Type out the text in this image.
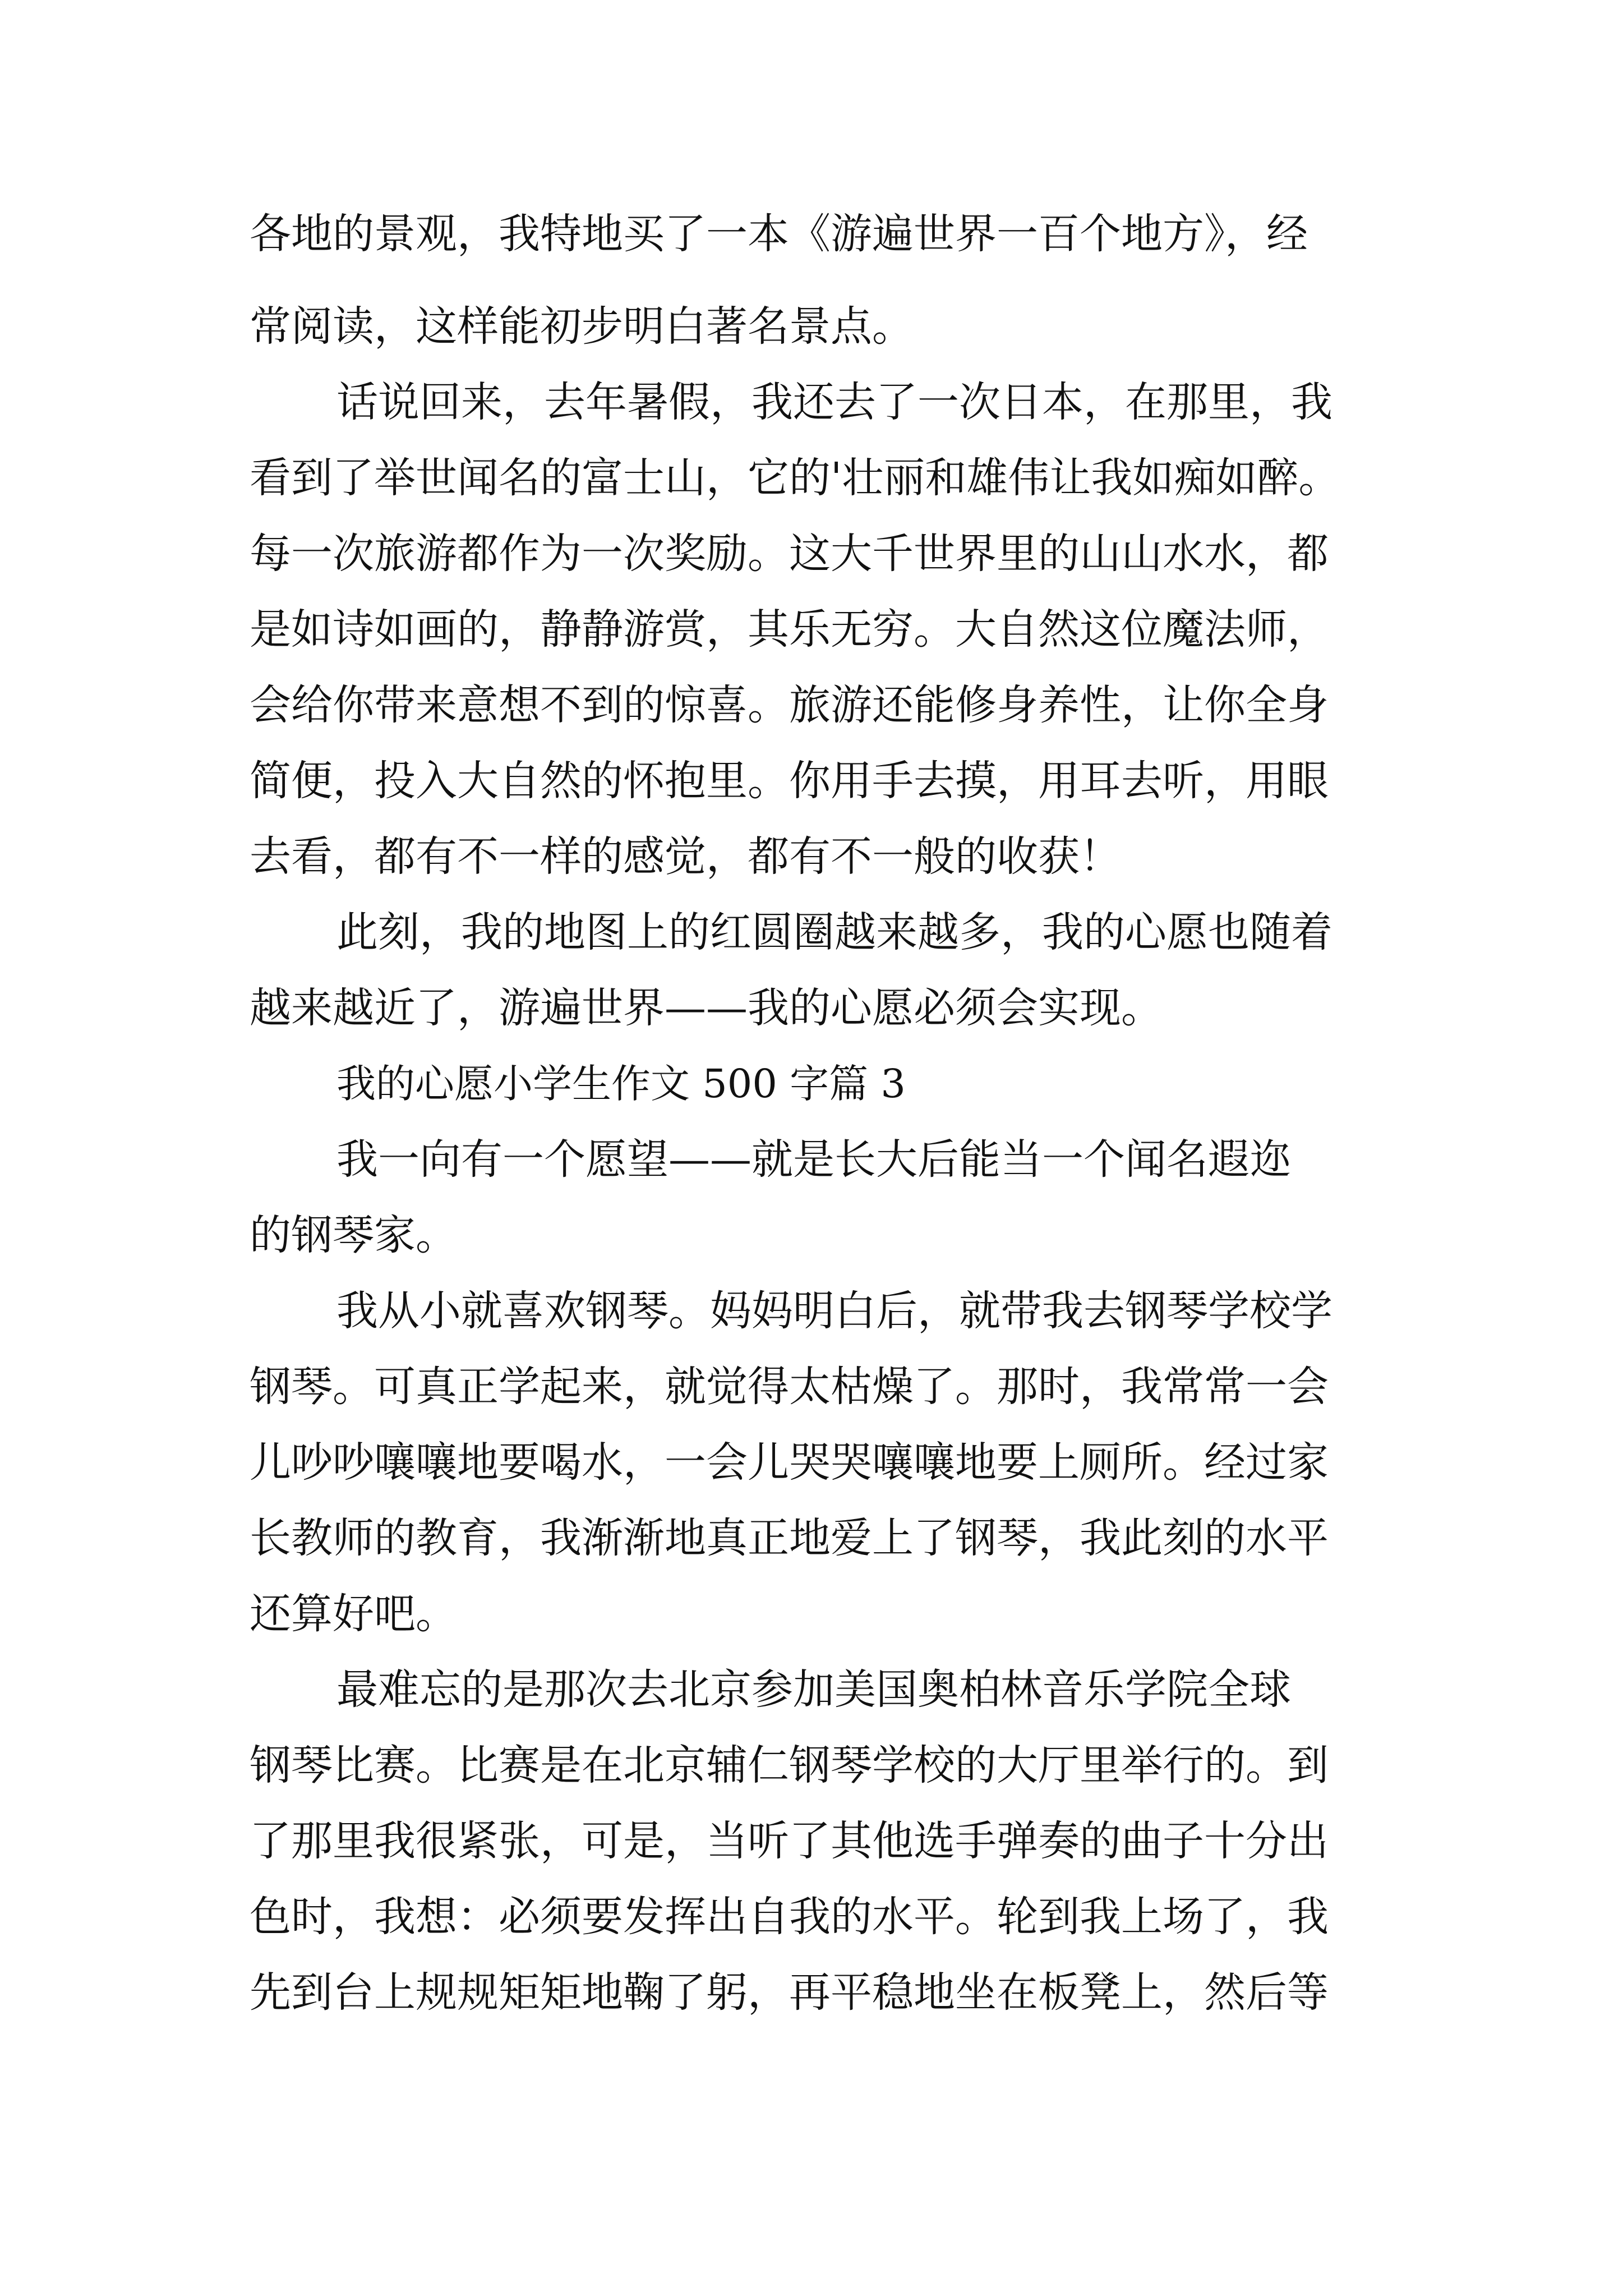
各地的景观，我特地买了一本《游遍世界一百个地方》，经
常阅读，这样能初步明白著名景点。
话说回来，去年暑假，我还去了一次日本，在那里，我
看到了举世闻名的富士山，它的'壮丽和雄伟让我如痴如醉。
每一次旅游都作为一次奖励。这大千世界里的山山水水，都
是如诗如画的，静静游赏，其乐无穷。大自然这位魔法师，
会给你带来意想不到的惊喜。旅游还能修身养性，让你全身
简便，投入大自然的怀抱里。你用手去摸，用耳去听，用眼
去看，都有不一样的感觉，都有不一般的收获！
此刻，我的地图上的红圆圈越来越多，我的心愿也随着
越来越近了，游遍世界——我的心愿必须会实现。
我的心愿小学生作文 500 字篇 3
我一向有一个愿望——就是长大后能当一个闻名遐迩
的钢琴家。
我从小就喜欢钢琴。妈妈明白后，就带我去钢琴学校学
钢琴。可真正学起来，就觉得太枯燥了。那时，我常常一会
儿吵吵嚷嚷地要喝水，一会儿哭哭嚷嚷地要上厕所。经过家
长教师的教育，我渐渐地真正地爱上了钢琴，我此刻的水平
还算好吧。
最难忘的是那次去北京参加美国奥柏林音乐学院全球
钢琴比赛。比赛是在北京辅仁钢琴学校的大厅里举行的。到
了那里我很紧张，可是，当听了其他选手弹奏的曲子十分出
色时，我想：必须要发挥出自我的水平。轮到我上场了，我
先到台上规规矩矩地鞠了躬，再平稳地坐在板凳上，然后等
